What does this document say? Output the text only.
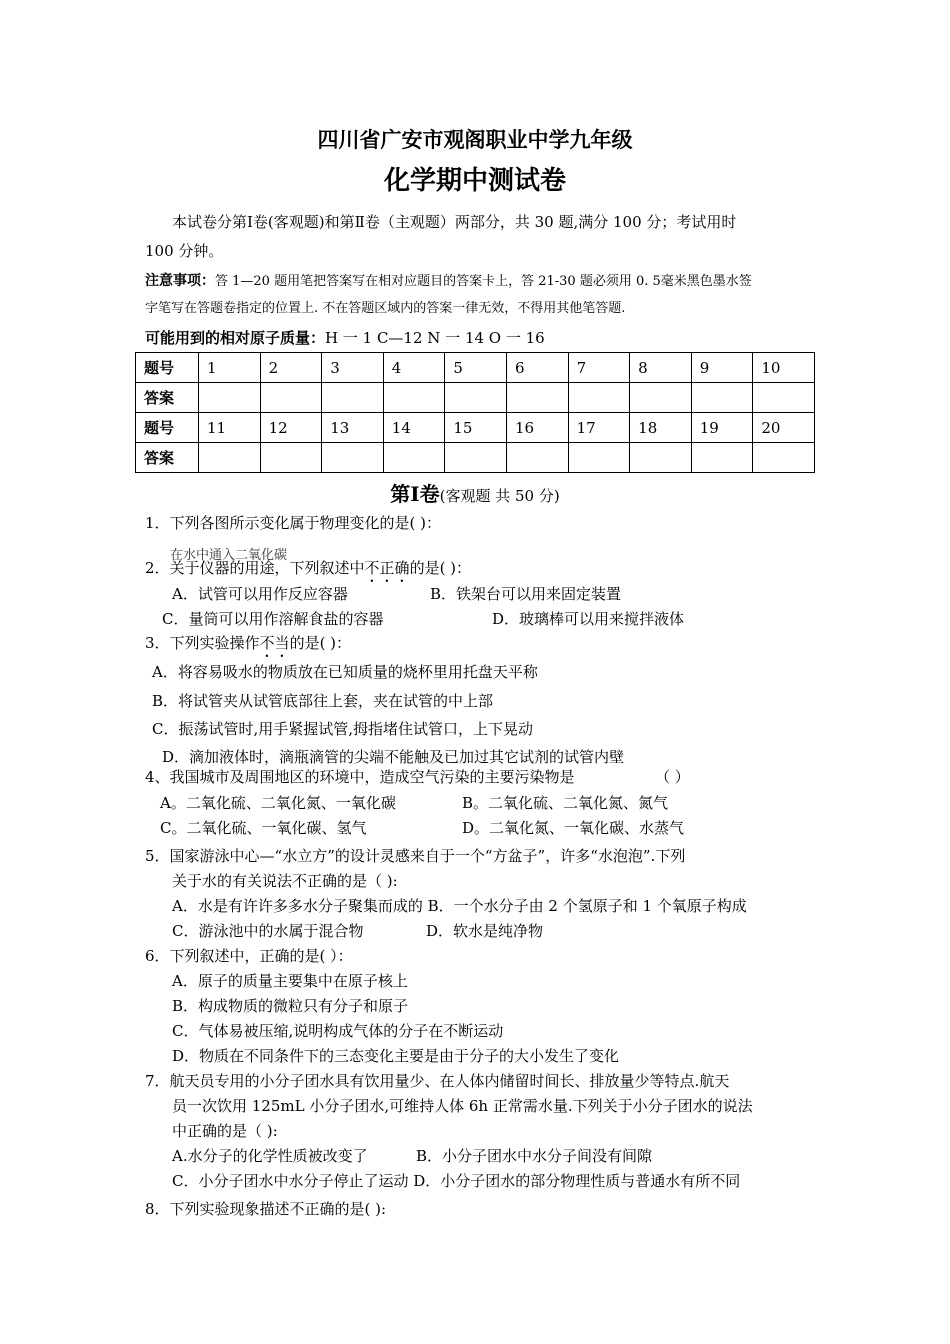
四川省广安市观阁职业中学九年级
化学期中测试卷
本试卷分第Ⅰ卷(客观题)和第Ⅱ卷（主观题）两部分，共 30 题,满分 100 分；考试用时
100 分钟。
注意事项：答 1—20 题用笔把答案写在相对应题目的答案卡上，答 21-30 题必须用 0. 5毫米黑色墨水签
字笔写在答题卷指定的位置上. 不在答题区域内的答案一律无效，不得用其他笔答题.
可能用到的相对原子质量：H 一 1 C—12 N 一 14 O 一 16
题号	1	2	3	4	5	6	7	8	9	10
答案										
题号	11	12	13	14	15	16	17	18	19	20
答案										
第Ⅰ卷(客观题 共 50 分)
1．下列各图所示变化属于物理变化的是( )：
在水中通入二氧化碳
2．关于仪器的用途，下列叙述中不正确的是( )：
A．试管可以用作反应容器	B．铁架台可以用来固定装置
C．量筒可以用作溶解食盐的容器	D．玻璃棒可以用来搅拌液体
3．下列实验操作不当的是( )：
A．将容易吸水的物质放在已知质量的烧杯里用托盘天平称
B．将试管夹从试管底部往上套，夹在试管的中上部
C．振荡试管时,用手紧握试管,拇指堵住试管口，上下晃动
D．滴加液体时，滴瓶滴管的尖端不能触及已加过其它试剂的试管内壁
4、我国城市及周围地区的环境中，造成空气污染的主要污染物是	（ ）
A。二氧化硫、二氧化氮、一氧化碳	B。二氧化硫、二氧化氮、氮气
C。二氧化硫、一氧化碳、氢气	D。二氧化氮、一氧化碳、水蒸气
5．国家游泳中心—“水立方”的设计灵感来自于一个“方盆子”，许多“水泡泡”.下列
关于水的有关说法不正确的是（ ):
A．水是有许许多多水分子聚集而成的 B．一个水分子由 2 个氢原子和 1 个氧原子构成
C．游泳池中的水属于混合物	D．软水是纯净物
6．下列叙述中，正确的是( ）：
A．原子的质量主要集中在原子核上
B．构成物质的微粒只有分子和原子
C．气体易被压缩,说明构成气体的分子在不断运动
D．物质在不同条件下的三态变化主要是由于分子的大小发生了变化
7．航天员专用的小分子团水具有饮用量少、在人体内储留时间长、排放量少等特点.航天
员一次饮用 125mL 小分子团水,可维持人体 6h 正常需水量.下列关于小分子团水的说法
中正确的是（ ):
A.水分子的化学性质被改变了	B．小分子团水中水分子间没有间隙
C．小分子团水中水分子停止了运动 D．小分子团水的部分物理性质与普通水有所不同
8．下列实验现象描述不正确的是( ):
